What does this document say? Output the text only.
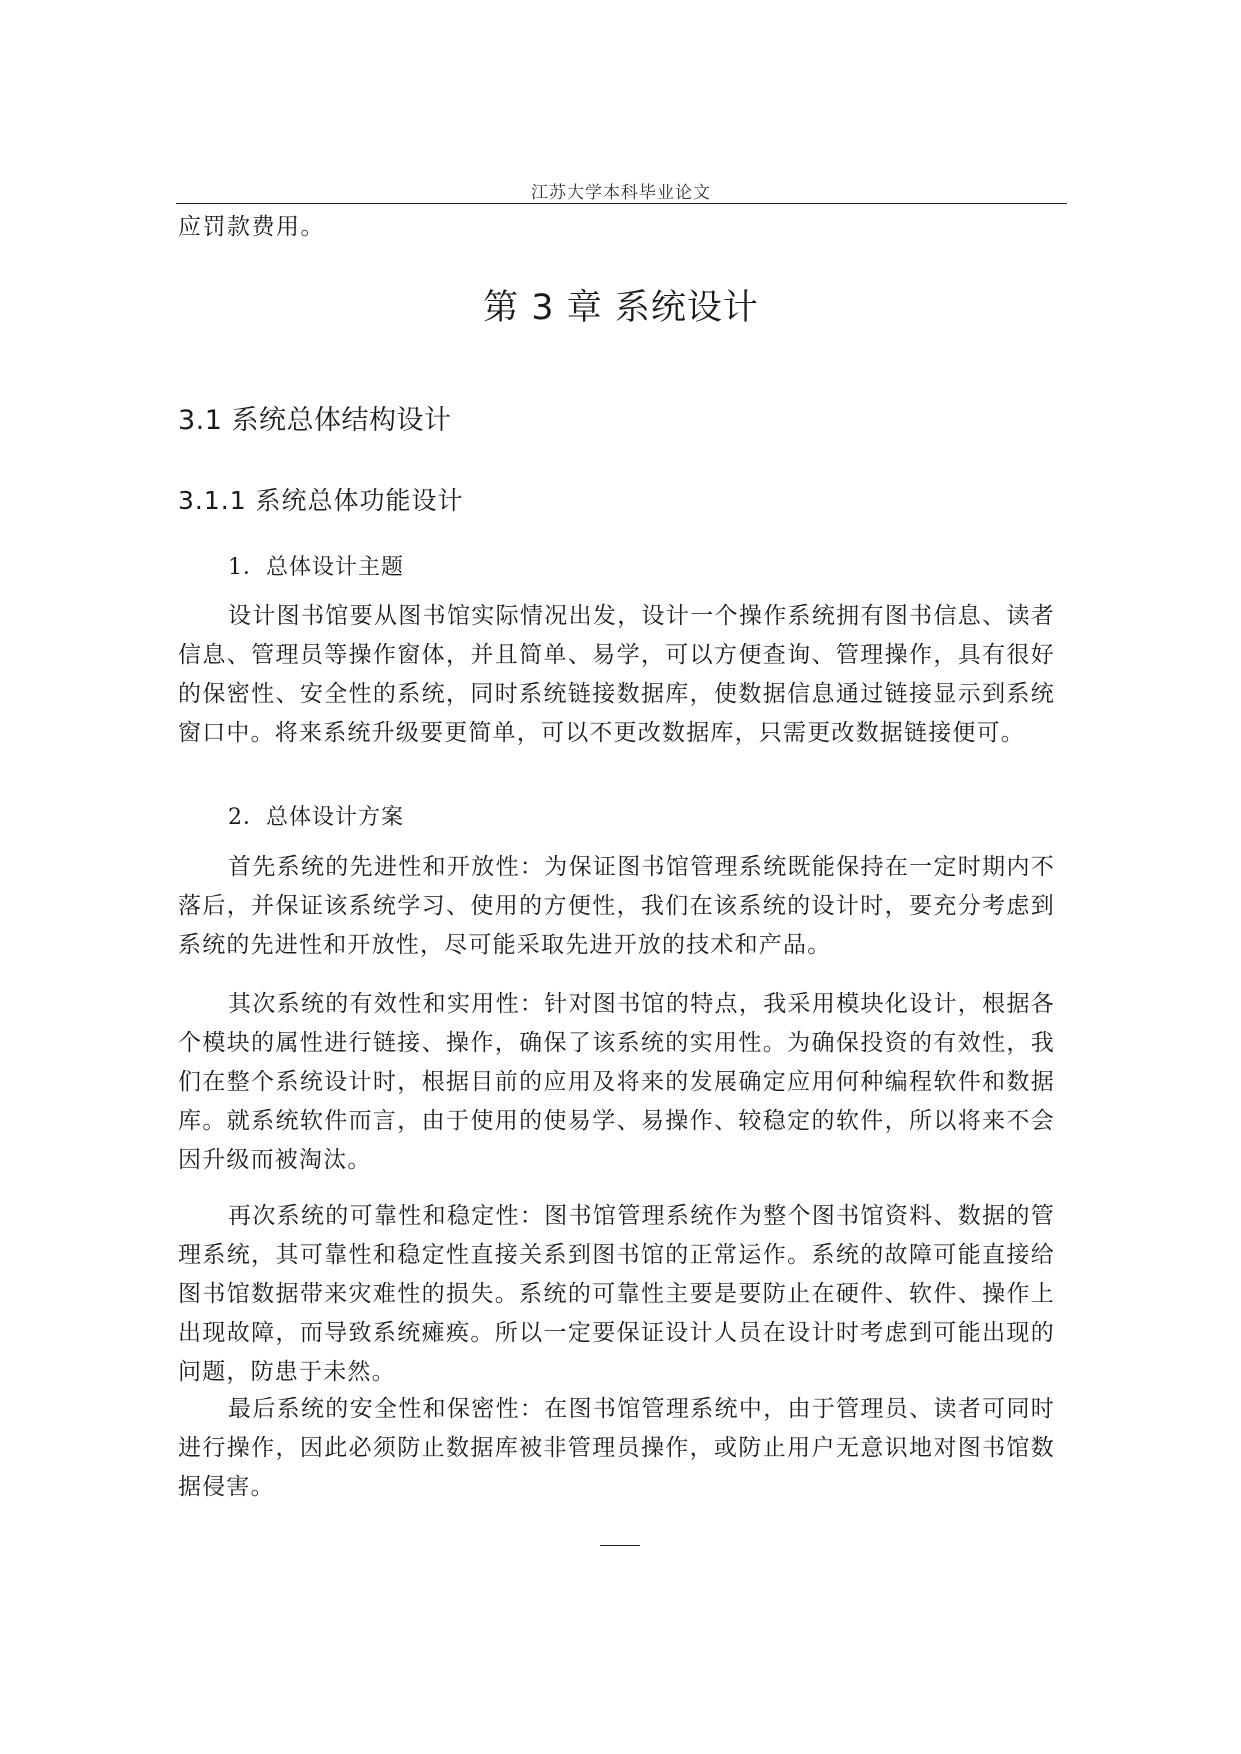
江苏大学本科毕业论文

应罚款费用。

第 3 章 系统设计
3.1 系统总体结构设计
3.1.1 系统总体功能设计

1．总体设计主题

设计图书馆要从图书馆实际情况出发，设计一个操作系统拥有图书信息、读者信息、管理员等操作窗体，并且简单、易学，可以方便查询、管理操作，具有很好的保密性、安全性的系统，同时系统链接数据库，使数据信息通过链接显示到系统窗口中。将来系统升级要更简单，可以不更改数据库，只需更改数据链接便可。

2．总体设计方案

首先系统的先进性和开放性：为保证图书馆管理系统既能保持在一定时期内不落后，并保证该系统学习、使用的方便性，我们在该系统的设计时，要充分考虑到系统的先进性和开放性，尽可能采取先进开放的技术和产品。

其次系统的有效性和实用性：针对图书馆的特点，我采用模块化设计，根据各个模块的属性进行链接、操作，确保了该系统的实用性。为确保投资的有效性，我们在整个系统设计时，根据目前的应用及将来的发展确定应用何种编程软件和数据库。就系统软件而言，由于使用的使易学、易操作、较稳定的软件，所以将来不会因升级而被淘汰。

再次系统的可靠性和稳定性：图书馆管理系统作为整个图书馆资料、数据的管理系统，其可靠性和稳定性直接关系到图书馆的正常运作。系统的故障可能直接给图书馆数据带来灾难性的损失。系统的可靠性主要是要防止在硬件、软件、操作上出现故障，而导致系统瘫痪。所以一定要保证设计人员在设计时考虑到可能出现的问题，防患于未然。

最后系统的安全性和保密性：在图书馆管理系统中，由于管理员、读者可同时进行操作，因此必须防止数据库被非管理员操作，或防止用户无意识地对图书馆数据侵害。
